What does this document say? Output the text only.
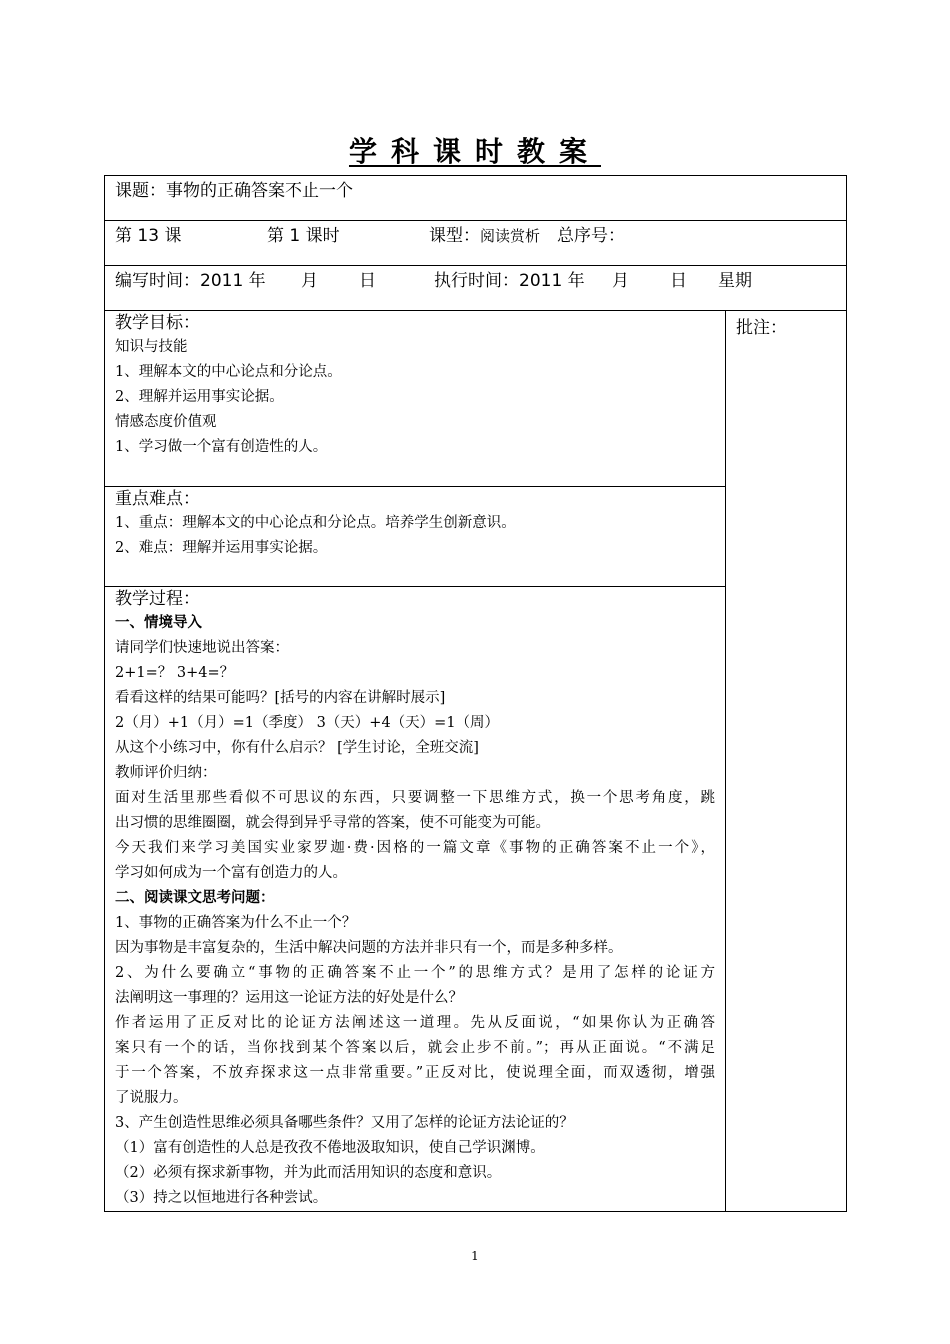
学科课时教案
课题：事物的正确答案不止一个
第 13 课	第 1 课时	课型：阅读赏析 总序号：
编写时间：2011 年 月 日	执行时间：2011 年 月 日 星期

教学目标：
知识与技能
1、理解本文的中心论点和分论点。
2、理解并运用事实论据。
情感态度价值观
1、学习做一个富有创造性的人。

批注：

重点难点：
1、重点：理解本文的中心论点和分论点。培养学生创新意识。
2、难点：理解并运用事实论据。

教学过程：
一、情境导入
请同学们快速地说出答案：
2+1=？ 3+4=？
看看这样的结果可能吗？[括号的内容在讲解时展示]
2（月）+1（月）=1（季度） 3（天）+4（天）=1（周）
从这个小练习中，你有什么启示？ [学生讨论，全班交流]
教师评价归纳：
面对生活里那些看似不可思议的东西，只要调整一下思维方式，换一个思考角度，跳
出习惯的思维圈圈，就会得到异乎寻常的答案，使不可能变为可能。
今天我们来学习美国实业家罗迦·费·因格的一篇文章《事物的正确答案不止一个》，
学习如何成为一个富有创造力的人。
二、阅读课文思考问题：
1、事物的正确答案为什么不止一个？
因为事物是丰富复杂的，生活中解决问题的方法并非只有一个，而是多种多样。
2、为什么要确立“事物的正确答案不止一个”的思维方式？是用了怎样的论证方
法阐明这一事理的？运用这一论证方法的好处是什么？
作者运用了正反对比的论证方法阐述这一道理。先从反面说，“如果你认为正确答
案只有一个的话，当你找到某个答案以后，就会止步不前。”；再从正面说。“不满足
于一个答案，不放弃探求这一点非常重要。”正反对比，使说理全面，而双透彻，增强
了说服力。
3、产生创造性思维必须具备哪些条件？又用了怎样的论证方法论证的？
（1）富有创造性的人总是孜孜不倦地汲取知识，使自己学识渊博。
（2）必须有探求新事物，并为此而活用知识的态度和意识。
（3）持之以恒地进行各种尝试。
1
